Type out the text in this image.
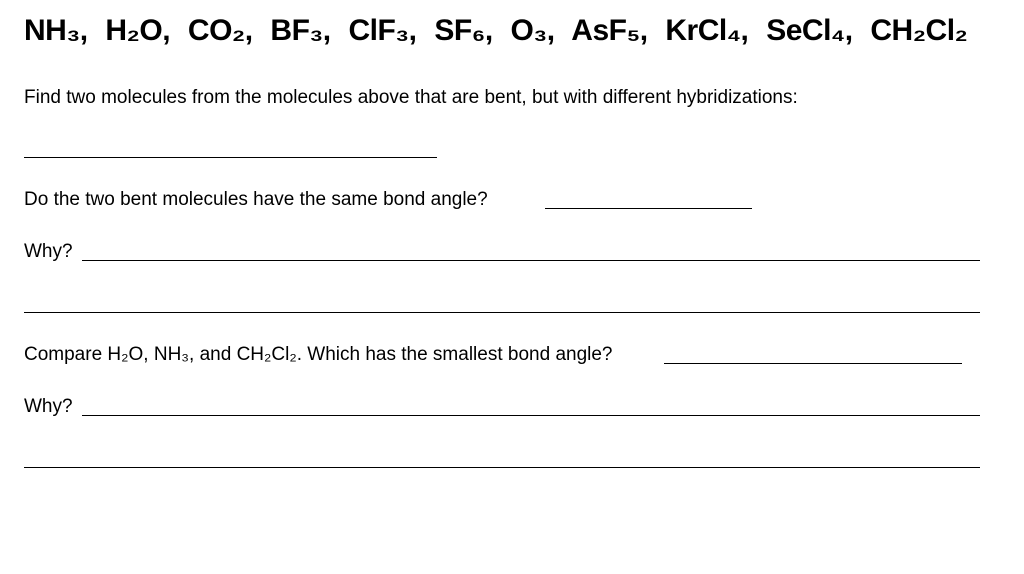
NH₃, H₂O, CO₂, BF₃, ClF₃, SF₆, O₃, AsF₅, KrCl₄, SeCl₄, CH₂Cl₂
Find two molecules from the molecules above that are bent, but with different hybridizations:
Do the two bent molecules have the same bond angle?
Why?
Compare H₂O, NH₃, and CH₂Cl₂. Which has the smallest bond angle?
Why?
